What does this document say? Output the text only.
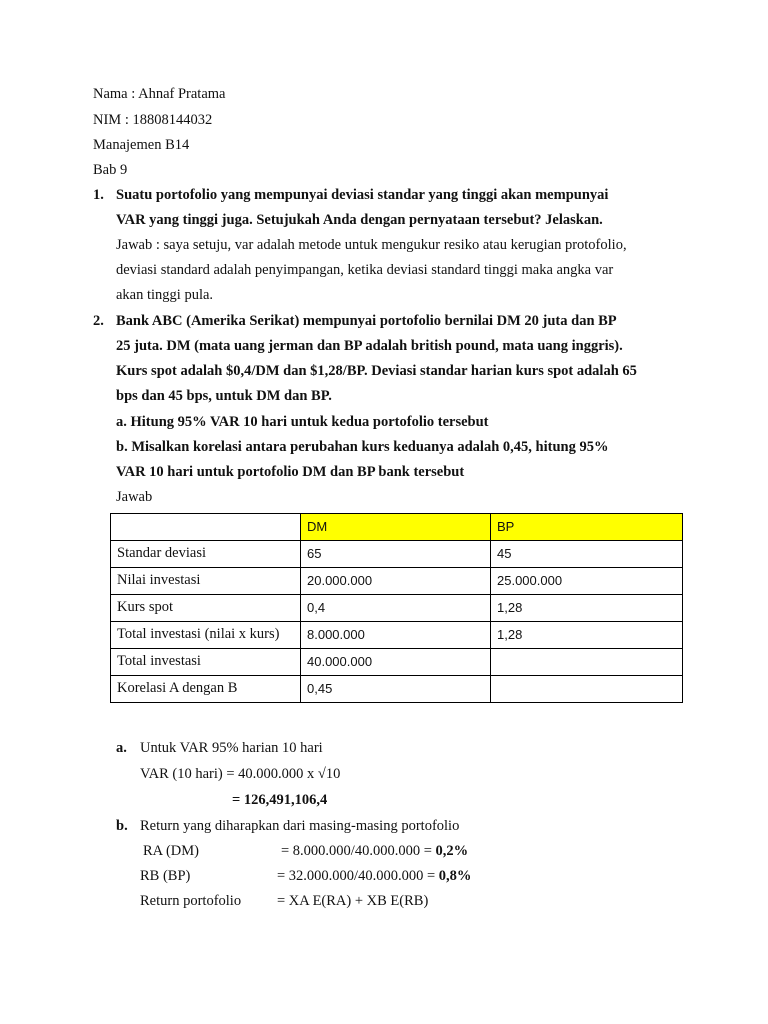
Nama : Ahnaf Pratama
NIM : 18808144032
Manajemen B14
Bab 9
1. Suatu portofolio yang mempunyai deviasi standar yang tinggi akan mempunyai
VAR yang tinggi juga. Setujukah Anda dengan pernyataan tersebut? Jelaskan.
Jawab : saya setuju, var adalah metode untuk mengukur resiko atau kerugian protofolio,
deviasi standard adalah penyimpangan, ketika deviasi standard tinggi maka angka var
akan tinggi pula.
2. Bank ABC (Amerika Serikat) mempunyai portofolio bernilai DM 20 juta dan BP
25 juta. DM (mata uang jerman dan BP adalah british pound, mata uang inggris).
Kurs spot adalah $0,4/DM dan $1,28/BP. Deviasi standar harian kurs spot adalah 65
bps dan 45 bps, untuk DM dan BP.
a. Hitung 95% VAR 10 hari untuk kedua portofolio tersebut
b. Misalkan korelasi antara perubahan kurs keduanya adalah 0,45, hitung 95%
VAR 10 hari untuk portofolio DM dan BP bank tersebut
Jawab
	DM	BP
Standar deviasi	65	45
Nilai investasi	20.000.000	25.000.000
Kurs spot	0,4	1,28
Total investasi (nilai x kurs)	8.000.000	1,28
Total investasi	40.000.000	
Korelasi A dengan B	0,45	
a. Untuk VAR 95% harian 10 hari
VAR (10 hari) = 40.000.000 x √10
= 126,491,106,4
b. Return yang diharapkan dari masing-masing portofolio
RA (DM)	= 8.000.000/40.000.000 = 0,2%
RB (BP)	= 32.000.000/40.000.000 = 0,8%
Return portofolio = XA E(RA) + XB E(RB)
